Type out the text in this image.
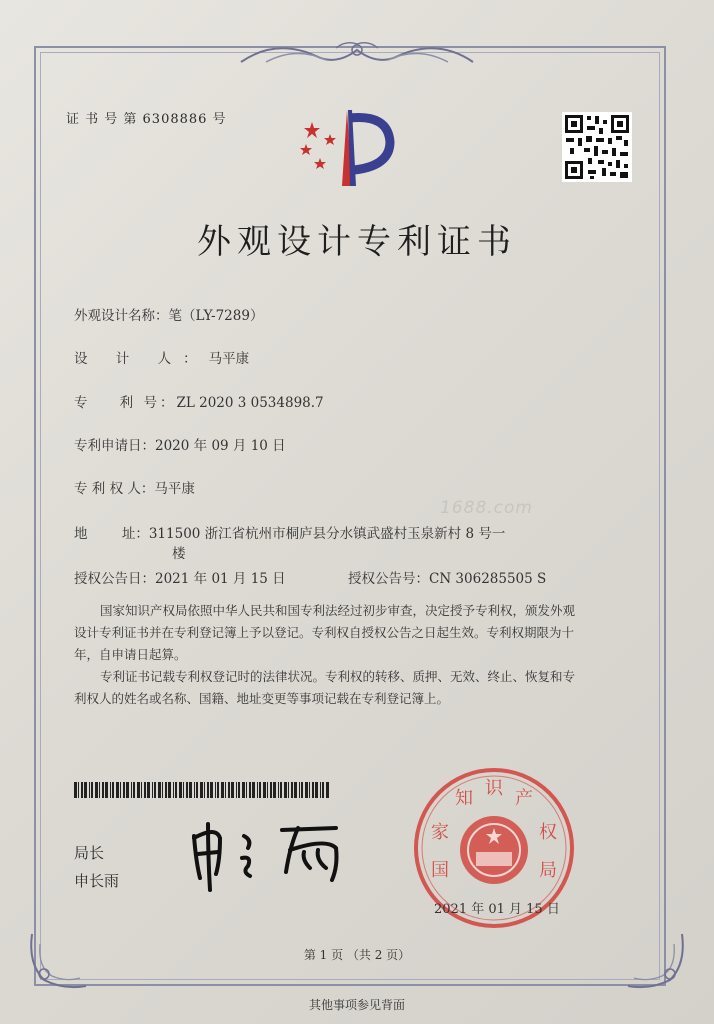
证 书 号 第 6308886 号
外观设计专利证书
外观设计名称：笔（LY-7289）
设 计 人：马平康
专    利 号：ZL 2020 3 0534898.7
专利申请日：2020 年 09 月 10 日
专 利 权 人：马平康
地        址：311500 浙江省杭州市桐庐县分水镇武盛村玉泉新村 8 号一
楼
授权公告日：2021 年 01 月 15 日	授权公告号：CN 306285505 S
1688.com

国家知识产权局依照中华人民共和国专利法经过初步审查，决定授予专利权，颁发外观

设计专利证书并在专利登记簿上予以登记。专利权自授权公告之日起生效。专利权期限为十
年，自申请日起算。

专利证书记载专利权登记时的法律状况。专利权的转移、质押、无效、终止、恢复和专

利权人的姓名或名称、国籍、地址变更等事项记载在专利登记簿上。
局长
申长雨	国
家
知 识 产
权
局
2021 年 01 月 15 日
第 1 页 （共 2 页）
其他事项参见背面
